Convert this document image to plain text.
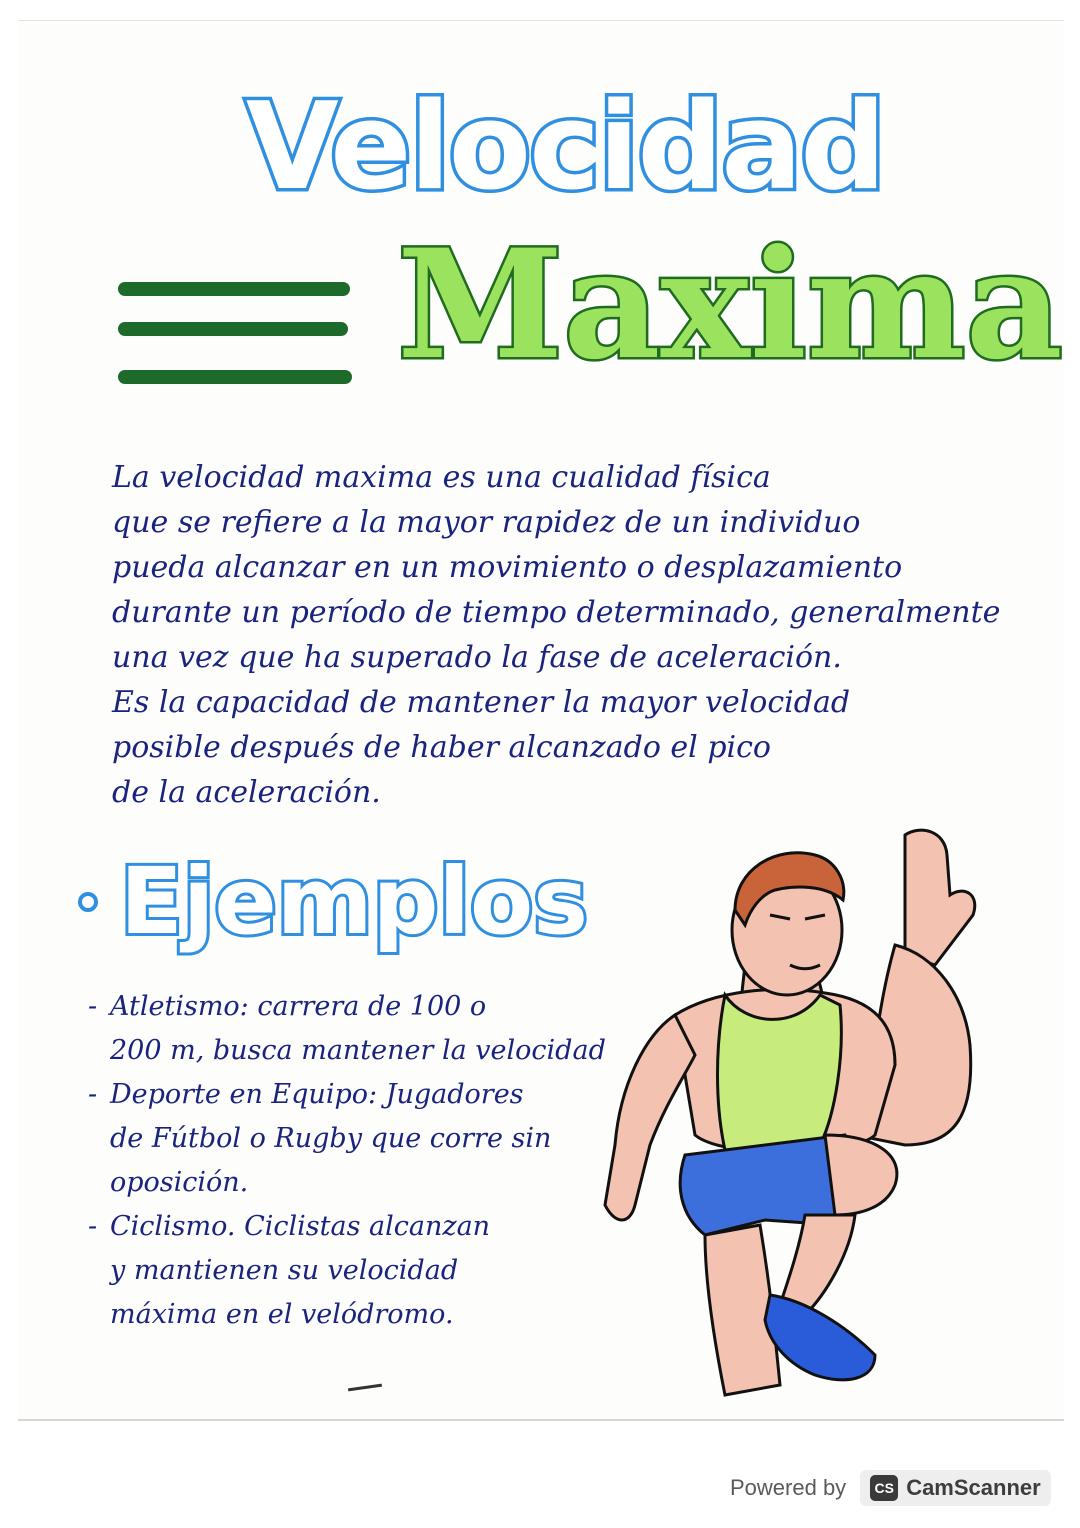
Velocidad
Maxima
La velocidad maxima es una cualidad física
que se refiere a la mayor rapidez de un individuo
pueda alcanzar en un movimiento o desplazamiento
durante un período de tiempo determinado, generalmente
una vez que ha superado la fase de aceleración.
Es la capacidad de mantener la mayor velocidad
posible después de haber alcanzado el pico
de la aceleración.
Ejemplos
- Atletismo: carrera de 100 o
200 m, busca mantener la velocidad
- Deporte en Equipo: Jugadores
de Fútbol o Rugby que corre sin
oposición.
- Ciclismo. Ciclistas alcanzan
y mantienen su velocidad
máxima en el velódromo.
Powered by	CS CamScanner
